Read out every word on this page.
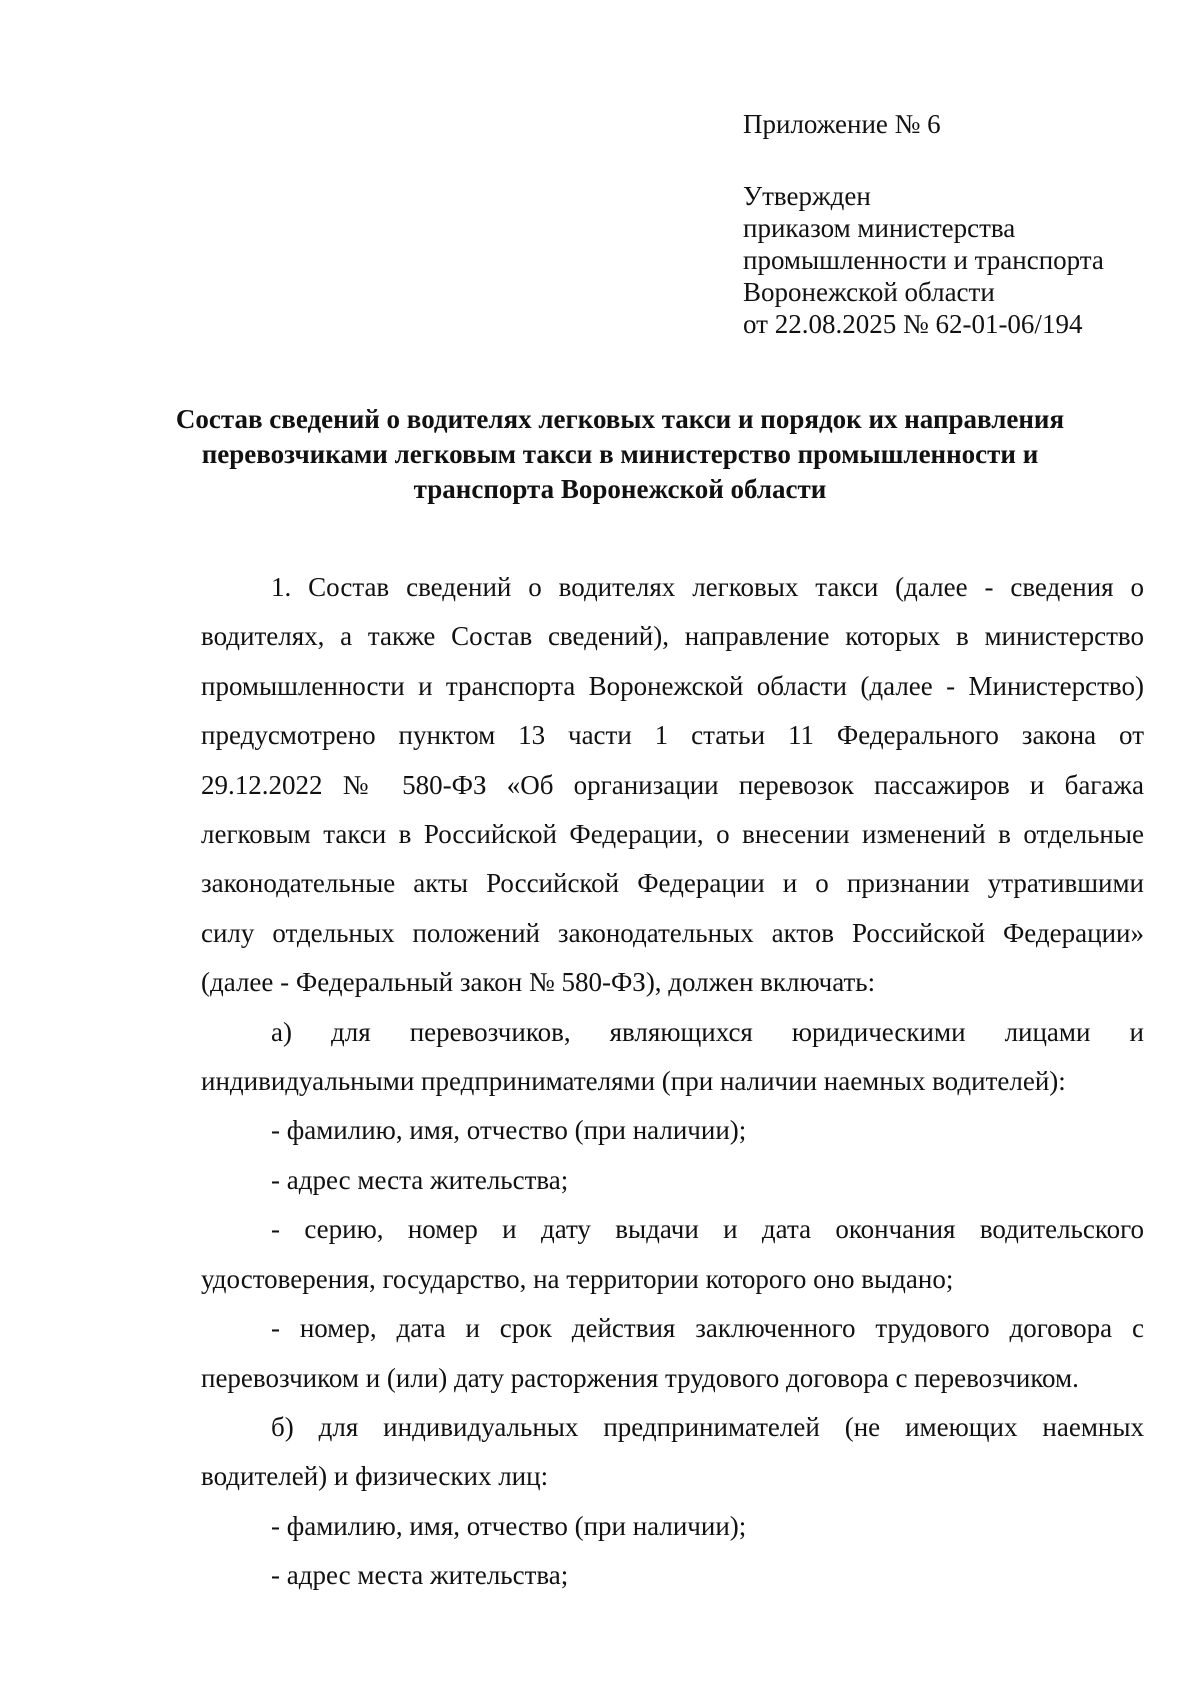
Приложение № 6

Утвержден
приказом министерства
промышленности и транспорта
Воронежской области
от 22.08.2025 № 62-01-06/194
Состав сведений о водителях легковых такси и порядок их направления
перевозчиками легковым такси в министерство промышленности и
транспорта Воронежской области
1. Состав сведений о водителях легковых такси (далее - сведения о
водителях, а также Состав сведений), направление которых в министерство
промышленности и транспорта Воронежской области (далее - Министерство)
предусмотрено пунктом 13 части 1 статьи 11 Федерального закона от
29.12.2022 № 580-ФЗ «Об организации перевозок пассажиров и багажа
легковым такси в Российской Федерации, о внесении изменений в отдельные
законодательные акты Российской Федерации и о признании утратившими
силу отдельных положений законодательных актов Российской Федерации»
(далее - Федеральный закон № 580-ФЗ), должен включать:
а) для перевозчиков, являющихся юридическими лицами и
индивидуальными предпринимателями (при наличии наемных водителей):
- фамилию, имя, отчество (при наличии);
- адрес места жительства;
- серию, номер и дату выдачи и дата окончания водительского
удостоверения, государство, на территории которого оно выдано;
- номер, дата и срок действия заключенного трудового договора с
перевозчиком и (или) дату расторжения трудового договора с перевозчиком.
б) для индивидуальных предпринимателей (не имеющих наемных
водителей) и физических лиц:
- фамилию, имя, отчество (при наличии);
- адрес места жительства;
